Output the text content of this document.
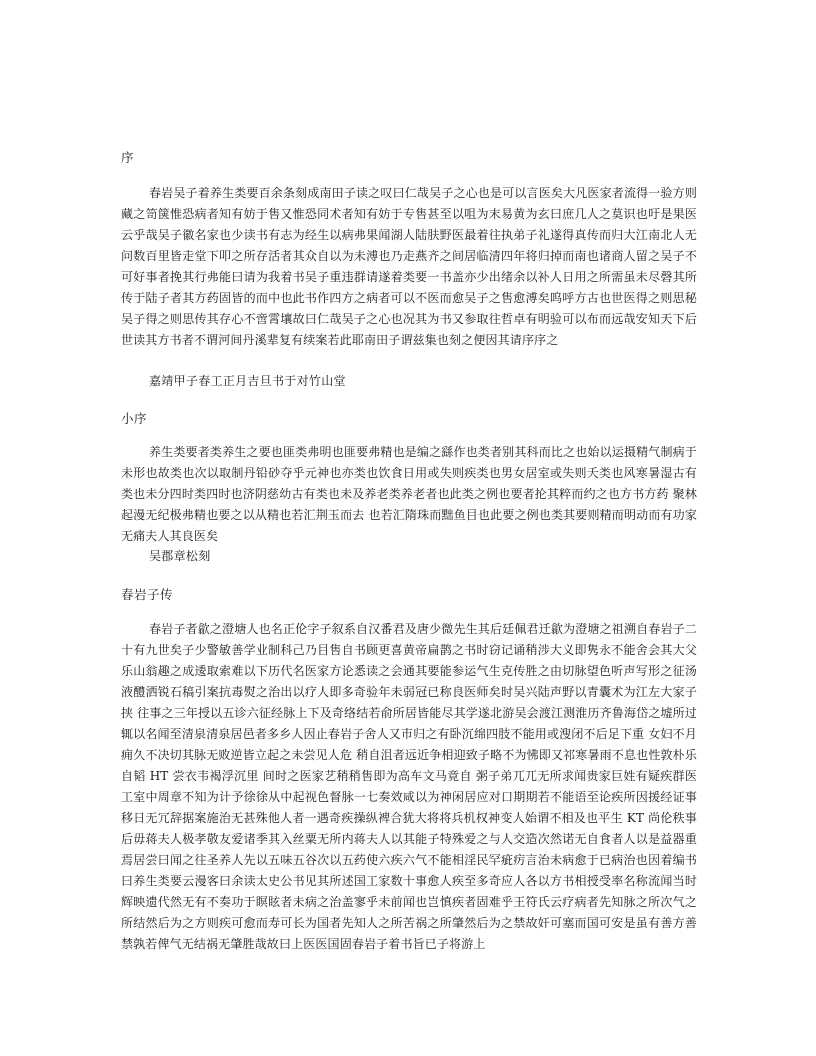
序

春岩吴子着养生类要百余条刻成南田子读之叹曰仁哉吴子之心也是可以言医矣大凡医家者流得一验方则藏之笥箧惟恐病者知有妨于售又惟恐同术者知有妨于专售甚至以咀为末易黄为玄曰庶几人之莫识也吁是果医云乎哉吴子徽名家也少读书有志为经生以病弗果闻湖人陆肤野医最着往执弟子礼遂得真传而归大江南北人无问数百里皆走堂下叩之所存活者其众自以为未溥也乃走燕齐之间居临清四年将归掉而南也诸商人留之吴子不可好事者挽其行弗能曰请为我着书吴子重违群请遂着类要一书盖亦少出绪余以补人日用之所需虽未尽磬其所传于陆子者其方药固皆的而中也此书作四方之病者可以不医而愈吴子之售愈溥矣呜呼方古也世医得之则思秘吴子得之则思传其存心不啻霄壤故曰仁哉吴子之心也况其为书又参取往哲卓有明验可以布而远哉安知天下后世读其方书者不谓河间丹溪辈复有续案若此耶南田子谓兹集也刻之便因其请序序之

嘉靖甲子春工正月吉旦书于对竹山堂
小序

养生类要者类养生之要也匪类弗明也匪要弗精也是编之繇作也类者别其科而比之也始以运摄精气制病于未形也故类也次以取制丹铅砂夺乎元神也亦类也饮食日用或失则疾类也男女居室或失则夭类也风寒暑湿古有类也未分四时类四时也济阴慈幼古有类也未及养老类养老者也此类之例也要者抡其粹而约之也方书方药 聚林起漫无纪极弗精也要之以从精也若汇荆玉而去 也若汇隋珠而黜鱼目也此要之例也类其要则精而明动而有功家无痛夫人其良医矣

吴郡章松刻
春岩子传

春岩子者歙之澄塘人也名正伦字子叙系自汉番君及唐少微先生其后廷佩君迁歙为澄塘之祖溯自春岩子二十有九世矣子少警敏善学业制科己乃目售自书顾更喜黄帝扁鹊之书时窃记诵稍涉大义即隽永不能舍会其大父乐山翁趣之成逶取索难以下历代名医家方论悉读之会通其要能参运气生克传胜之由切脉望色听声写形之征汤液醴洒锐石稿引案抗毒熨之治出以疗人即多奇验年未弱冠已称良医师矣时吴兴陆声野以青囊术为江左大家子挟 往事之三年授以五诊六征经脉上下及奇络结若俞所居皆能尽其学遂北游吴会渡江测淮历齐鲁海岱之墟所过辄以名闻至清泉清泉居邑者多乡人因止春岩子舍人又市归之有卧沉绵四肢不能用或溲闭不后足下重 女妇不月痈久不决切其脉无败逆皆立起之未尝见人危 稍自沮者远近争相迎致子略不为怫即又祁寒暑雨不息也性敦朴乐自韬 HT 尝衣韦褐浮沉里 间时之医家艺稍稍售即为高车文马竟自 粥子弟兀兀无所求闻贵家巨姓有疑疾群医工室中周章不知为计予徐徐从中起视色督脉一七奏效咸以为神闲居应对口期期若不能语至论疾所因援经证事移日无冗辞据案施治无甚殊他人者一遇奇疾操纵裨合犹大将将兵机权神变人始谓不相及也平生 KT 尚伦秩事后毋蒋夫人极孝敬友爱诸季其入丝粟无所内蒋夫人以其能子特殊爱之与人交造次然诺无自食者人以是益器重焉居尝曰闻之往圣养人先以五味五谷次以五药使六疾六气不能相淫民罕疵疠言治未病愈于已病治也因着编书曰养生类要云漫客曰余读太史公书见其所述国工家数十事愈人疾至多奇应人各以方书相授受率名称流闻当时辉映遗代然无有不奏功于瞑眩者未病之治盖寥乎未前闻也岂慎疾者固难乎王符氏云疗病者先知脉之所次气之所结然后为之方则疾可愈而寿可长为国者先知人之所苦祸之所肇然后为之禁故奸可塞而国可安是虽有善方善禁孰若俾气无结祸无肇胜哉故曰上医医国固春岩子着书旨已子将游上
